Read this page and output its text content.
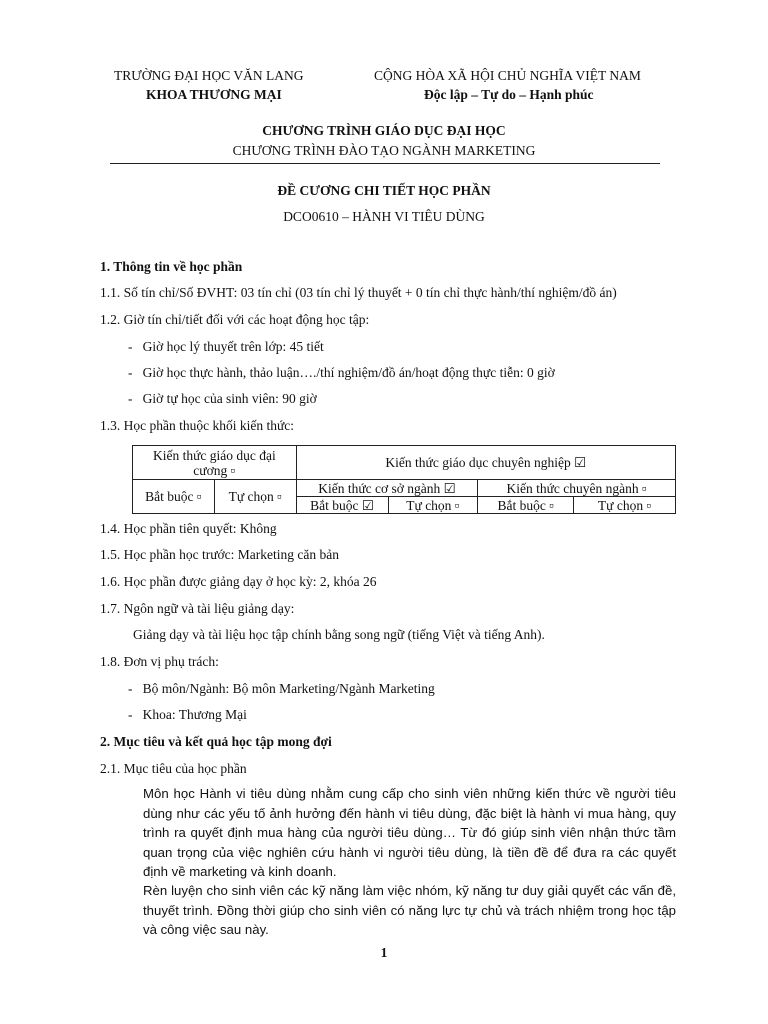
TRƯỜNG ĐẠI HỌC VĂN LANG
KHOA THƯƠNG MẠI
CỘNG HÒA XÃ HỘI CHỦ NGHĨA VIỆT NAM
Độc lập – Tự do – Hạnh phúc
CHƯƠNG TRÌNH GIÁO DỤC ĐẠI HỌC
CHƯƠNG TRÌNH ĐÀO TẠO NGÀNH MARKETING
ĐỀ CƯƠNG CHI TIẾT HỌC PHẦN
DCO0610 – HÀNH VI TIÊU DÙNG
1. Thông tin về học phần
1.1. Số tín chỉ/Số ĐVHT: 03 tín chỉ (03 tín chỉ lý thuyết + 0 tín chỉ thực hành/thí nghiệm/đồ án)
1.2. Giờ tín chỉ/tiết đối với các hoạt động học tập:
-   Giờ học lý thuyết trên lớp: 45 tiết
-   Giờ học thực hành, thảo luận…./thí nghiệm/đồ án/hoạt động thực tiễn: 0 giờ
-   Giờ tự học của sinh viên: 90 giờ
1.3. Học phần thuộc khối kiến thức:
Kiến thức giáo dục đại cương ▫		Kiến thức giáo dục chuyên nghiệp ☑			
Bắt buộc ▫	Tự chọn ▫	Kiến thức cơ sở ngành ☑		Kiến thức chuyên ngành ▫	
		Bắt buộc ☑	Tự chọn ▫	Bắt buộc ▫	Tự chọn ▫
1.4. Học phần tiên quyết: Không
1.5. Học phần học trước: Marketing căn bản
1.6. Học phần được giảng dạy ở học kỳ: 2, khóa 26
1.7. Ngôn ngữ và tài liệu giảng dạy:
Giảng dạy và tài liệu học tập chính bằng song ngữ (tiếng Việt và tiếng Anh).
1.8. Đơn vị phụ trách:
-   Bộ môn/Ngành: Bộ môn Marketing/Ngành Marketing
-   Khoa: Thương Mại
2. Mục tiêu và kết quả học tập mong đợi
2.1. Mục tiêu của học phần
Môn học Hành vi tiêu dùng nhằm cung cấp cho sinh viên những kiến thức về người tiêu dùng như các yếu tố ảnh hưởng đến hành vi tiêu dùng, đặc biệt là hành vi mua hàng, quy trình ra quyết định mua hàng của người tiêu dùng… Từ đó giúp sinh viên nhận thức tầm quan trọng của việc nghiên cứu hành vi người tiêu dùng, là tiền đề để đưa ra các quyết định về marketing và kinh doanh.
Rèn luyện cho sinh viên các kỹ năng làm việc nhóm, kỹ năng tư duy giải quyết các vấn đề, thuyết trình. Đồng thời giúp cho sinh viên có năng lực tự chủ và trách nhiệm trong học tập và công việc sau này.
1
